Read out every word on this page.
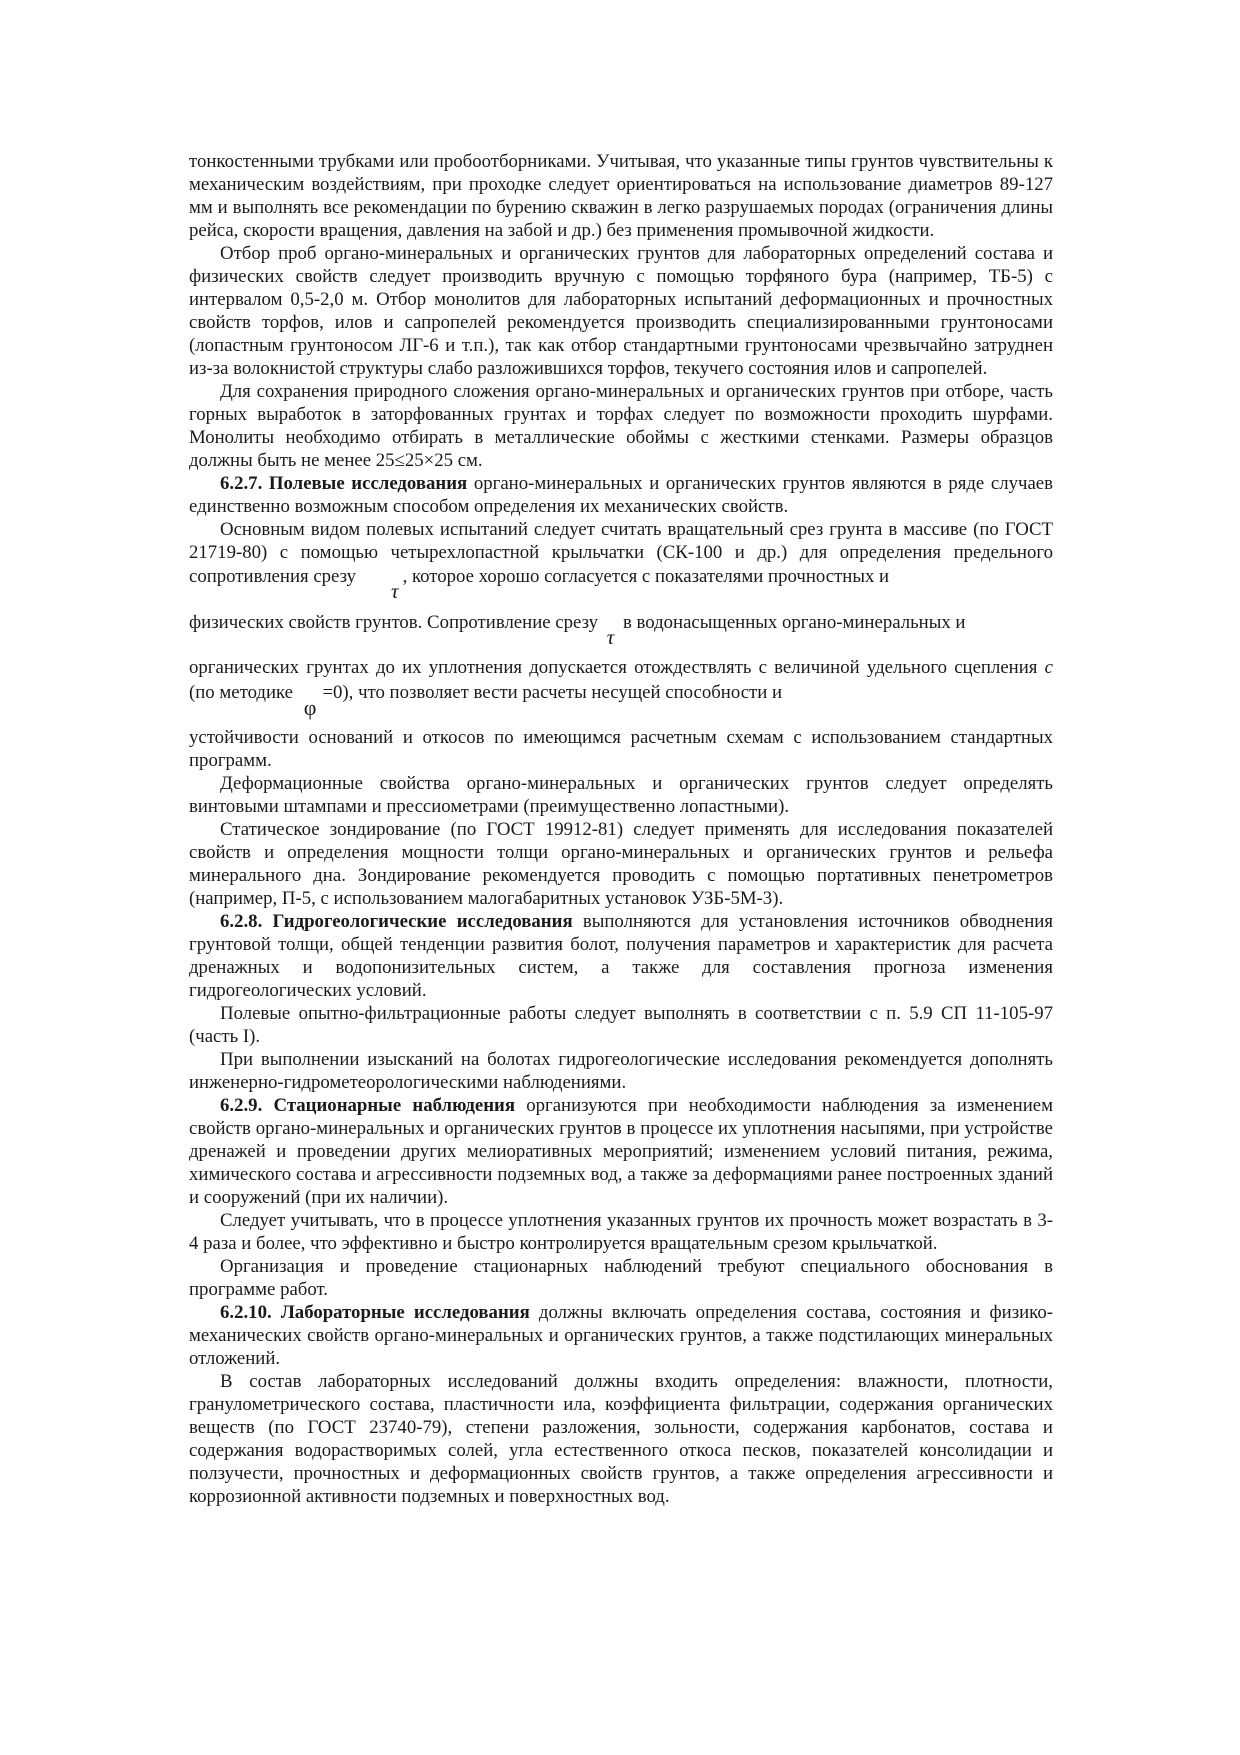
тонкостенными трубками или пробоотборниками. Учитывая, что указанные типы грунтов чувствительны к механическим воздействиям, при проходке следует ориентироваться на использование диаметров 89-127 мм и выполнять все рекомендации по бурению скважин в легко разрушаемых породах (ограничения длины рейса, скорости вращения, давления на забой и др.) без применения промывочной жидкости.

Отбор проб органо-минеральных и органических грунтов для лабораторных определений состава и физических свойств следует производить вручную с помощью торфяного бура (например, ТБ-5) с интервалом 0,5-2,0 м. Отбор монолитов для лабораторных испытаний деформационных и прочностных свойств торфов, илов и сапропелей рекомендуется производить специализированными грунтоносами (лопастным грунтоносом ЛГ-6 и т.п.), так как отбор стандартными грунтоносами чрезвычайно затруднен из-за волокнистой структуры слабо разложившихся торфов, текучего состояния илов и сапропелей.

Для сохранения природного сложения органо-минеральных и органических грунтов при отборе, часть горных выработок в заторфованных грунтах и торфах следует по возможности проходить шурфами. Монолиты необходимо отбирать в металлические обоймы с жесткими стенками. Размеры образцов должны быть не менее 25≤25×25 см.

6.2.7. Полевые исследования органо-минеральных и органических грунтов являются в ряде случаев единственно возможным способом определения их механических свойств.

Основным видом полевых испытаний следует считать вращательный срез грунта в массиве (по ГОСТ 21719-80) с помощью четырехлопастной крыльчатки (СК-100 и др.) для определения предельного сопротивления срезуτ, которое хорошо согласуется с показателями прочностных и

физических свойств грунтов. Сопротивление срезу τ в водонасыщенных органо-минеральных и

органических грунтах до их уплотнения допускается отождествлять с величиной удельного сцепления c (по методике φ=0), что позволяет вести расчеты несущей способности и

устойчивости оснований и откосов по имеющимся расчетным схемам с использованием стандартных программ.

Деформационные свойства органо-минеральных и органических грунтов следует определять винтовыми штампами и прессиометрами (преимущественно лопастными).

Статическое зондирование (по ГОСТ 19912-81) следует применять для исследования показателей свойств и определения мощности толщи органо-минеральных и органических грунтов и рельефа минерального дна. Зондирование рекомендуется проводить с помощью портативных пенетрометров (например, П-5, с использованием малогабаритных установок УЗБ-5М-3).

6.2.8. Гидрогеологические исследования выполняются для установления источников обводнения грунтовой толщи, общей тенденции развития болот, получения параметров и характеристик для расчета дренажных и водопонизительных систем, а также для составления прогноза изменения гидрогеологических условий.

Полевые опытно-фильтрационные работы следует выполнять в соответствии с п. 5.9 СП 11-105-97 (часть I).

При выполнении изысканий на болотах гидрогеологические исследования рекомендуется дополнять инженерно-гидрометеорологическими наблюдениями.

6.2.9. Стационарные наблюдения организуются при необходимости наблюдения за изменением свойств органо-минеральных и органических грунтов в процессе их уплотнения насыпями, при устройстве дренажей и проведении других мелиоративных мероприятий; изменением условий питания, режима, химического состава и агрессивности подземных вод, а также за деформациями ранее построенных зданий и сооружений (при их наличии).

Следует учитывать, что в процессе уплотнения указанных грунтов их прочность может возрастать в 3-4 раза и более, что эффективно и быстро контролируется вращательным срезом крыльчаткой.

Организация и проведение стационарных наблюдений требуют специального обоснования в программе работ.

6.2.10. Лабораторные исследования должны включать определения состава, состояния и физико-механических свойств органо-минеральных и органических грунтов, а также подстилающих минеральных отложений.

В состав лабораторных исследований должны входить определения: влажности, плотности, гранулометрического состава, пластичности ила, коэффициента фильтрации, содержания органических веществ (по ГОСТ 23740-79), степени разложения, зольности, содержания карбонатов, состава и содержания водорастворимых солей, угла естественного откоса песков, показателей консолидации и ползучести, прочностных и деформационных свойств грунтов, а также определения агрессивности и коррозионной активности подземных и поверхностных вод.
